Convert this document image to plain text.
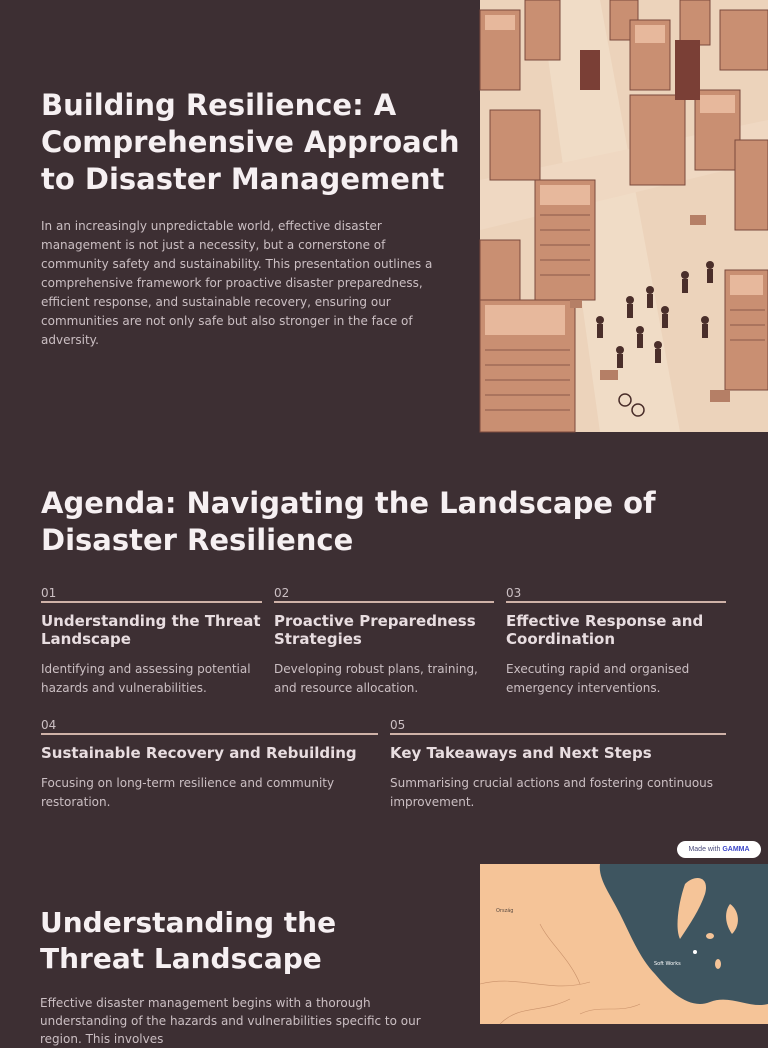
Building Resilience: A Comprehensive Approach to Disaster Management

In an increasingly unpredictable world, effective disaster management is not just a necessity, but a cornerstone of community safety and sustainability. This presentation outlines a comprehensive framework for proactive disaster preparedness, efficient response, and sustainable recovery, ensuring our communities are not only safe but also stronger in the face of adversity.

Agenda: Navigating the Landscape of Disaster Resilience
01
Understanding the Threat Landscape
Identifying and assessing potential hazards and vulnerabilities.
02
Proactive Preparedness Strategies
Developing robust plans, training, and resource allocation.
03
Effective Response and Coordination
Executing rapid and organised emergency interventions.
04
Sustainable Recovery and Rebuilding
Focusing on long-term resilience and community restoration.
05
Key Takeaways and Next Steps
Summarising crucial actions and fostering continuous improvement.
Made with GAMMA
Understanding the Threat Landscape

Effective disaster management begins with a thorough understanding of the hazards and vulnerabilities specific to our region. This involves

Ország
Soft Works
